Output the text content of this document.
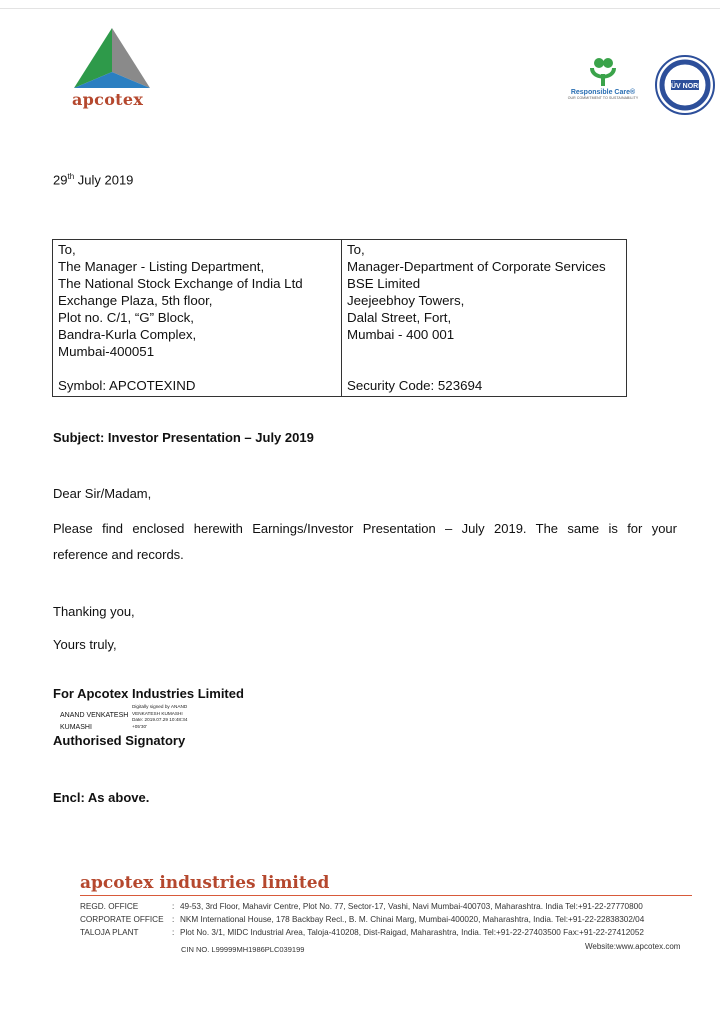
apcotex	Responsible Care®
OUR COMMITMENT TO SUSTAINABILITY
TÜV NORD
29th July 2019
To,
The Manager - Listing Department,
The National Stock Exchange of India Ltd
Exchange Plaza, 5th floor,
Plot no. C/1, “G” Block,
Bandra-Kurla Complex,
Mumbai-400051
Symbol: APCOTEXIND

To,
Manager-Department of Corporate Services
BSE Limited
Jeejeebhoy Towers,
Dalal Street, Fort,
Mumbai - 400 001
Security Code: 523694
Subject: Investor Presentation – July 2019
Dear Sir/Madam,
Please find enclosed herewith Earnings/Investor Presentation – July 2019. The same is for your
reference and records.
Thanking you,
Yours truly,
For Apcotex Industries Limited
ANAND VENKATESH
KUMASHI
Digitally signed by ANAND
VENKATESH KUMASHI
Date: 2019.07.29 10:48:34
+05'30'
Authorised Signatory
Encl: As above.
apcotex industries limited
REGD. OFFICE	: 49-53, 3rd Floor, Mahavir Centre, Plot No. 77, Sector-17, Vashi, Navi Mumbai-400703, Maharashtra. India Tel:+91-22-27770800
CORPORATE OFFICE : NKM International House, 178 Backbay Recl., B. M. Chinai Marg, Mumbai-400020, Maharashtra, India. Tel:+91-22-22838302/04
TALOJA PLANT	: Plot No. 3/1, MIDC Industrial Area, Taloja-410208, Dist-Raigad, Maharashtra, India. Tel:+91-22-27403500 Fax:+91-22-27412052
CIN NO. L99999MH1986PLC039199	Website:www.apcotex.com
